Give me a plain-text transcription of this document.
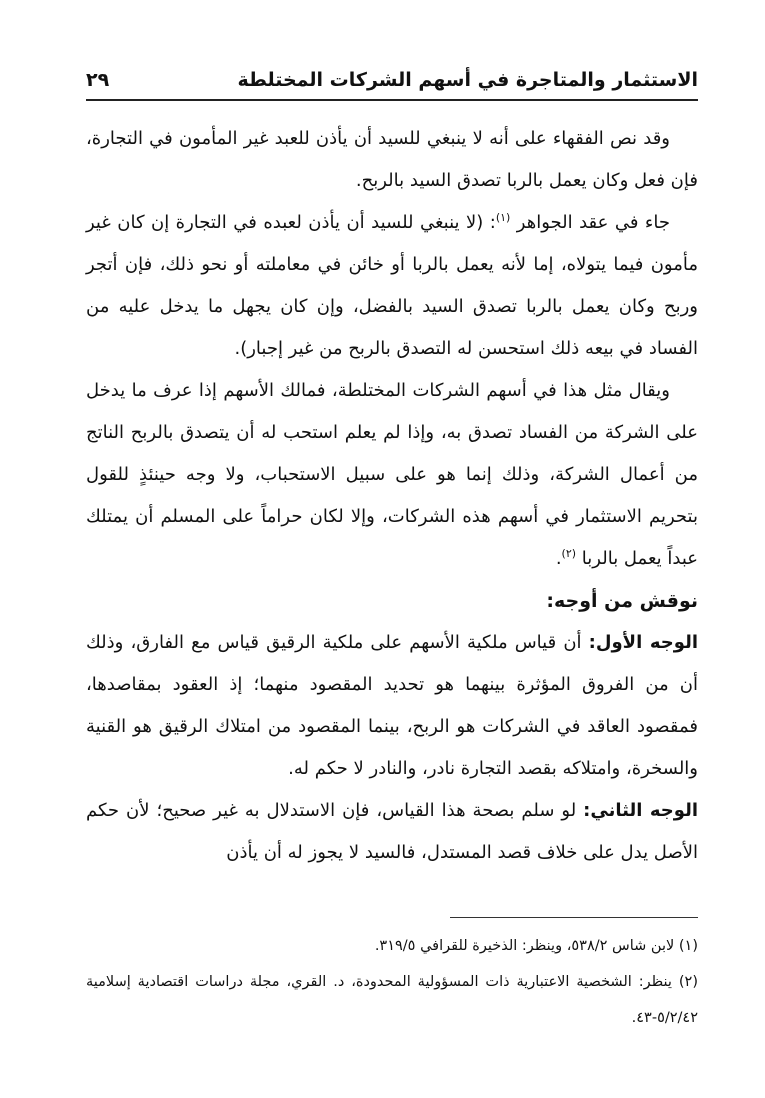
الاستثمار والمتاجرة في أسهم الشركات المختلطة
٢٩

وقد نص الفقهاء على أنه لا ينبغي للسيد أن يأذن للعبد غير المأمون في التجارة، فإن فعل وكان يعمل بالربا تصدق السيد بالربح.

جاء في عقد الجواهر $^{(١)}$: (لا ينبغي للسيد أن يأذن لعبده في التجارة إن كان غير مأمون فيما يتولاه، إما لأنه يعمل بالربا أو خائن في معاملته أو نحو ذلك، فإن أتجر وربح وكان يعمل بالربا تصدق السيد بالفضل، وإن كان يجهل ما يدخل عليه من الفساد في بيعه ذلك استحسن له التصدق بالربح من غير إجبار).

ويقال مثل هذا في أسهم الشركات المختلطة، فمالك الأسهم إذا عرف ما يدخل على الشركة من الفساد تصدق به، وإذا لم يعلم استحب له أن يتصدق بالربح الناتج من أعمال الشركة، وذلك إنما هو على سبيل الاستحباب، ولا وجه حينئذٍ للقول بتحريم الاستثمار في أسهم هذه الشركات، وإلا لكان حراماً على المسلم أن يمتلك عبداً يعمل بالربا $^{(٢)}$.

نوقش من أوجه:

الوجه الأول: أن قياس ملكية الأسهم على ملكية الرقيق قياس مع الفارق، وذلك أن من الفروق المؤثرة بينهما هو تحديد المقصود منهما؛ إذ العقود بمقاصدها، فمقصود العاقد في الشركات هو الربح، بينما المقصود من امتلاك الرقيق هو القنية والسخرة، وامتلاكه بقصد التجارة نادر، والنادر لا حكم له.

الوجه الثاني: لو سلم بصحة هذا القياس، فإن الاستدلال به غير صحيح؛ لأن حكم الأصل يدل على خلاف قصد المستدل، فالسيد لا يجوز له أن يأذن

(١) لابن شاس ٥٣٨/٢، وينظر: الذخيرة للقرافي ٣١٩/٥.

(٢) ينظر: الشخصية الاعتبارية ذات المسؤولية المحدودة، د. القري، مجلة دراسات اقتصادية إسلامية ٥/٢/٤٢-٤٣.
